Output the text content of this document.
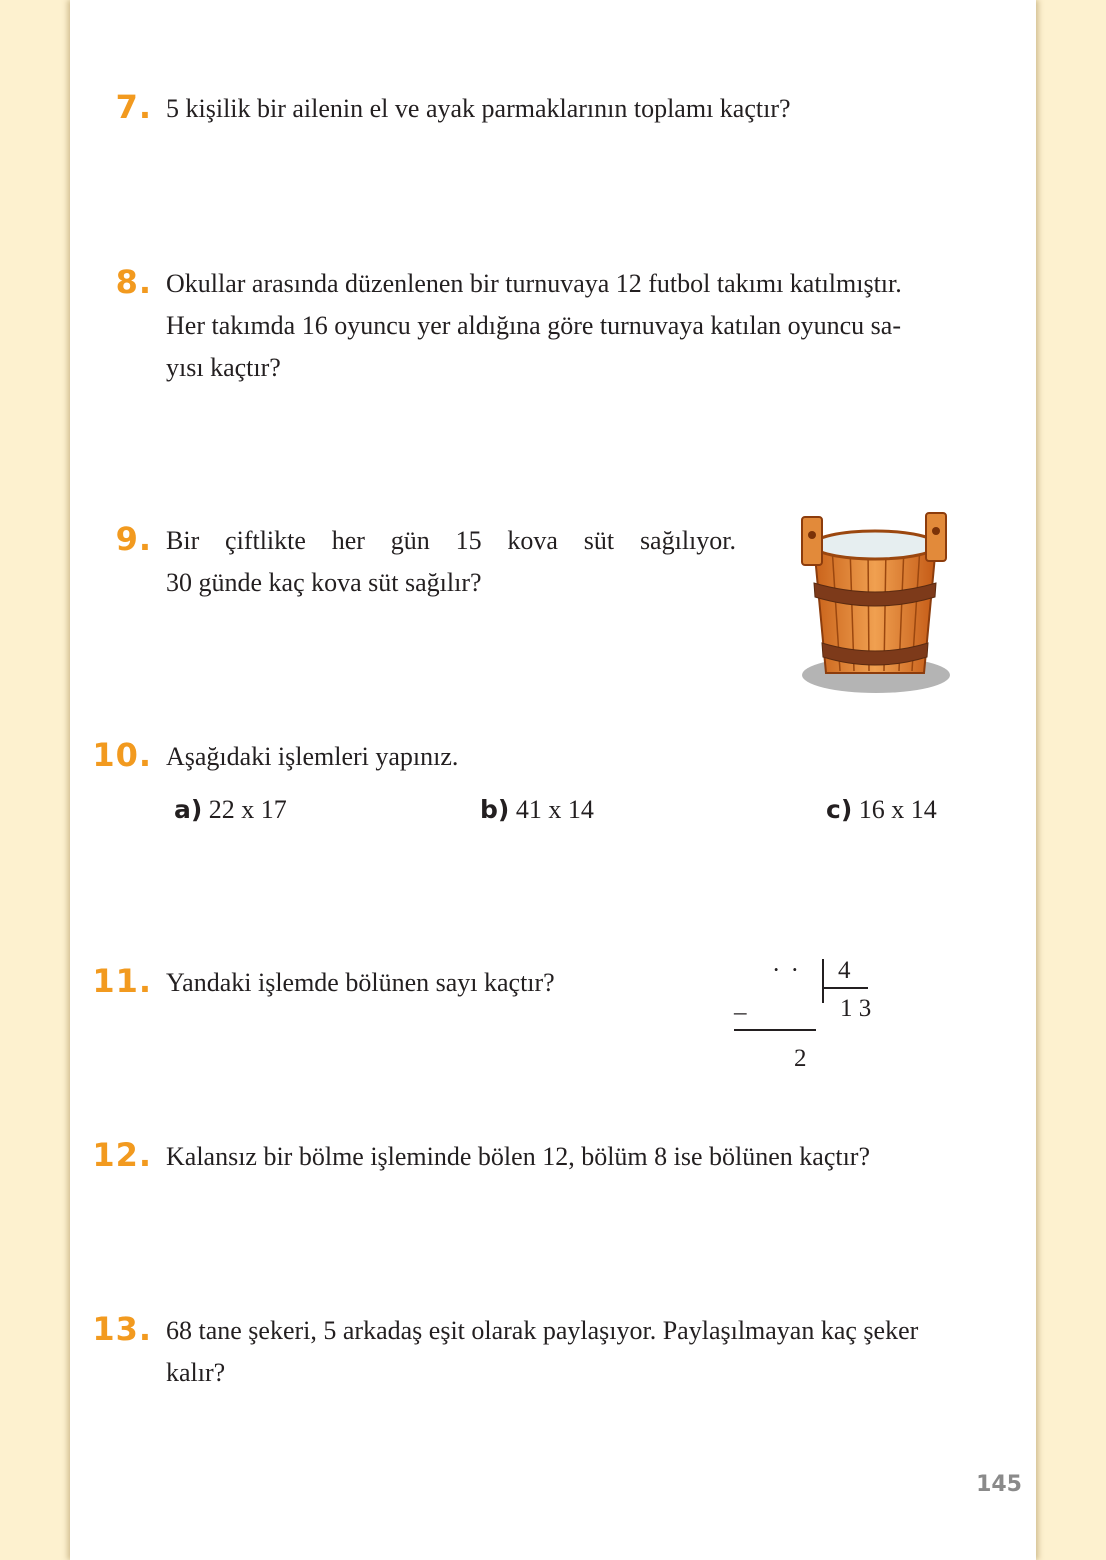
7. 5 kişilik bir ailenin el ve ayak parmaklarının toplamı kaçtır?
8. Okullar arasında düzenlenen bir turnuvaya 12 futbol takımı katılmıştır.
Her takımda 16 oyuncu yer aldığına göre turnuvaya katılan oyuncu sa-
yısı kaçtır?
9. Bir çiftlikte her gün 15 kova süt sağılıyor.
30 günde kaç kova süt sağılır?
10. Aşağıdaki işlemleri yapınız.
a) 22 x 17	b) 41 x 14	c) 16 x 14
11. Yandaki işlemde bölünen sayı kaçtır?	· · 4
1 3
–
2
12. Kalansız bir bölme işleminde bölen 12, bölüm 8 ise bölünen kaçtır?
13. 68 tane şekeri, 5 arkadaş eşit olarak paylaşıyor. Paylaşılmayan kaç şeker
kalır?
145
